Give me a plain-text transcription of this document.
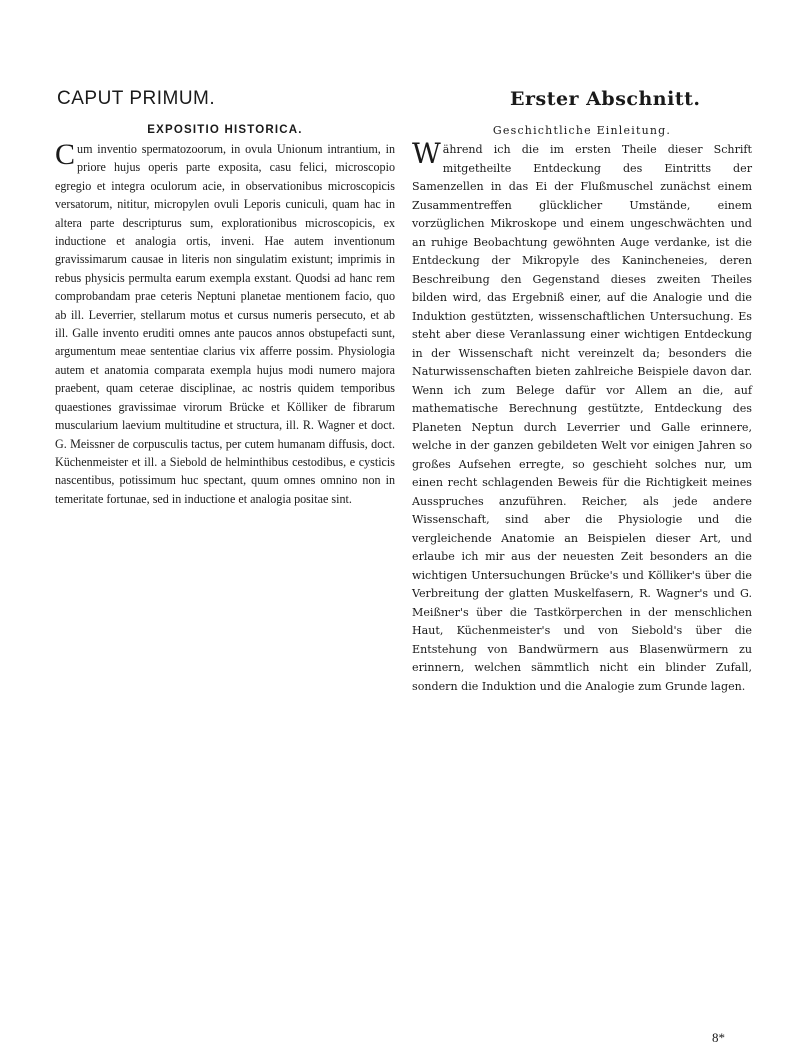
CAPUT PRIMUM.	Erster Abschnitt.
EXPOSITIO HISTORICA.

Cum inventio spermatozoorum, in ovula Unionum intrantium, in priore hujus operis parte exposita, casu felici, microscopio egregio et integra oculorum acie, in observationibus microscopicis versatorum, nititur, micropylen ovuli Leporis cuniculi, quam hac in altera parte descripturus sum, explorationibus microscopicis, ex inductione et analogia ortis, inveni. Hae autem inventionum gravissimarum causae in literis non singulatim existunt; imprimis in rebus physicis permulta earum exempla exstant. Quodsi ad hanc rem comprobandam prae ceteris Neptuni planetae mentionem facio, quo ab ill. Leverrier, stellarum motus et cursus numeris persecuto, et ab ill. Galle invento eruditi omnes ante paucos annos obstupefacti sunt, argumentum meae sententiae clarius vix afferre possim. Physiologia autem et anatomia comparata exempla hujus modi numero majora praebent, quam ceterae disciplinae, ac nostris quidem temporibus quaestiones gravissimae virorum Brücke et Kölliker de fibrarum muscularium laevium multitudine et structura, ill. R. Wagner et doct. G. Meissner de corpusculis tactus, per cutem humanam diffusis, doct. Küchenmeister et ill. a Siebold de helminthibus cestodibus, e cysticis nascentibus, potissimum huc spectant, quum omnes omnino non in temeritate fortunae, sed in inductione et analogia positae sint.

Geschichtliche Einleitung.

Während ich die im ersten Theile dieser Schrift mitgetheilte Entdeckung des Eintritts der Samenzellen in das Ei der Flußmuschel zunächst einem Zusammentreffen glücklicher Umstände, einem vorzüglichen Mikroskope und einem ungeschwächten und an ruhige Beobachtung gewöhnten Auge verdanke, ist die Entdeckung der Mikropyle des Kanincheneies, deren Beschreibung den Gegenstand dieses zweiten Theiles bilden wird, das Ergebniß einer, auf die Analogie und die Induktion gestützten, wissenschaftlichen Untersuchung. Es steht aber diese Veranlassung einer wichtigen Entdeckung in der Wissenschaft nicht vereinzelt da; besonders die Naturwissenschaften bieten zahlreiche Beispiele davon dar. Wenn ich zum Belege dafür vor Allem an die, auf mathematische Berechnung gestützte, Entdeckung des Planeten Neptun durch Leverrier und Galle erinnere, welche in der ganzen gebildeten Welt vor einigen Jahren so großes Aufsehen erregte, so geschieht solches nur, um einen recht schlagenden Beweis für die Richtigkeit meines Ausspruches anzuführen. Reicher, als jede andere Wissenschaft, sind aber die Physiologie und die vergleichende Anatomie an Beispielen dieser Art, und erlaube ich mir aus der neuesten Zeit besonders an die wichtigen Untersuchungen Brücke's und Kölliker's über die Verbreitung der glatten Muskelfasern, R. Wagner's und G. Meißner's über die Tastkörperchen in der menschlichen Haut, Küchenmeister's und von Siebold's über die Entstehung von Bandwürmern aus Blasenwürmern zu erinnern, welchen sämmtlich nicht ein blinder Zufall, sondern die Induktion und die Analogie zum Grunde lagen.

8*
